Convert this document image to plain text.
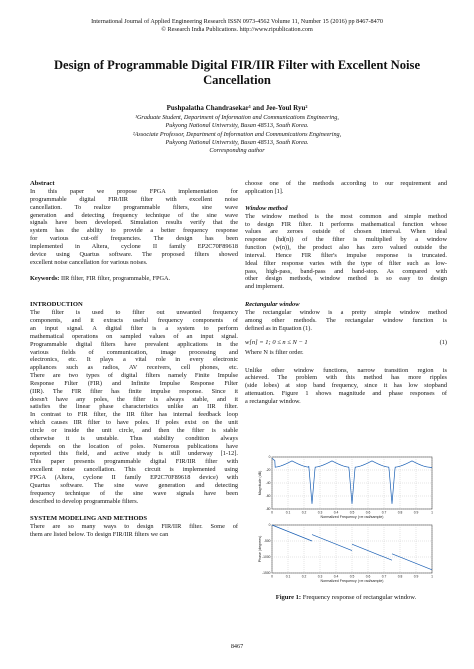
International Journal of Applied Engineering Research ISSN 0973-4562 Volume 11, Number 15 (2016) pp 8467-8470
© Research India Publications. http://www.ripublication.com
Design of Programmable Digital FIR/IIR Filter with Excellent Noise
Cancellation
Pushpalatha Chandrasekar¹ and Jee-Youl Ryu²
¹Graduate Student, Department of Information and Communications Engineering,
Pukyong National University, Busan 48513, South Korea.
²Associate Professor, Department of Information and Communications Engineering,
Pukyong National University, Busan 48513, South Korea.
Corresponding author
Abstract
In this paper we propose FPGA implementation for
programmable digital FIR/IIR filter with excellent noise
cancellation. To realize programmable filters, sine wave
generation and detecting frequency technique of the sine wave
signals have been developed. Simulation results verify that the
system has the ability to provide a better frequency response
for various cut-off frequencies. The design has been
implemented in Altera, cyclone II family EP2C70F89618
device using Quartus software. The proposed filters showed
excellent noise cancellation for various noises.
Keywords: IIR filter, FIR filter, programmable, FPGA.
INTRODUCTION
The filter is used to filter out unwanted frequency
components, and it extracts useful frequency components of
an input signal. A digital filter is a system to perform
mathematical operations on sampled values of an input signal.
Programmable digital filters have prevalent applications in the
various fields of communication, image processing and
electronics, etc. It plays a vital role in every electronic
appliances such as radios, AV receivers, cell phones, etc.
There are two types of digital filters namely Finite Impulse
Response Filter (FIR) and Infinite Impulse Response Filter
(IIR). The FIR filter has finite impulse response. Since it
doesn't have any poles, the filter is always stable, and it
satisfies the linear phase characteristics unlike an IIR filter.
In contrast to FIR filter, the IIR filter has internal feedback loop
which causes IIR filter to have poles. If poles exist on the unit
circle or inside the unit circle, and then the filter is stable
otherwise it is unstable. Thus stability condition always
depends on the location of poles. Numerous publications have
reported this field, and active study is still underway [1-12].
This paper presents programmable digital FIR/IIR filter with
excellent noise cancellation. This circuit is implemented using
FPGA (Altera, cyclone II family EP2C70F89618 device) with
Quartus software. The sine wave generation and detecting
frequency technique of the sine wave signals have been
described to develop programmable filters.
SYSTEM MODELING AND METHODS
There are so many ways to design FIR/IIR filter. Some of
them are listed below. To design FIR/IIR filters we can
choose one of the methods according to our requirement and
application [1].
Window method
The window method is the most common and simple method
to design FIR filter. It performs mathematical function whose
values are zeroes outside of chosen interval. When ideal
response (hd(n)) of the filter is multiplied by a window
function (w(n)), the product also has zero valued outside the
interval. Hence FIR filter's impulse response is truncated.
Ideal filter response varies with the type of filter such as low-
pass, high-pass, band-pass and band-stop. As compared with
other design methods, window method is so easy to design
and implement.
Rectangular window
The rectangular window is a pretty simple window method
among other methods. The rectangular window function is
defined as in Equation (1).
w[n] = 1; 0 ≤ n ≤ N − 1	(1)
Where N is filter order.
Unlike other window functions, narrow transition region is
achieved. The problem with this method has more ripples
(side lobes) at stop band frequency, since it has low stopband
attenuation. Figure 1 shows magnitude and phase responses of
a rectangular window.
0	0.1	0.2	0.3	0.4	0.5	0.6	0.7	0.8	0.9	1
0
-20
-40
-60
-80
Magnitude (dB)
Normalized Frequency (×π rad/sample)
0	0.1	0.2	0.3	0.4	0.5	0.6	0.7	0.8	0.9	1
0
-500
-1000
-1500
Phase (degrees)
Normalized Frequency (×π rad/sample)
Figure 1: Frequency response of rectangular window.
8467
